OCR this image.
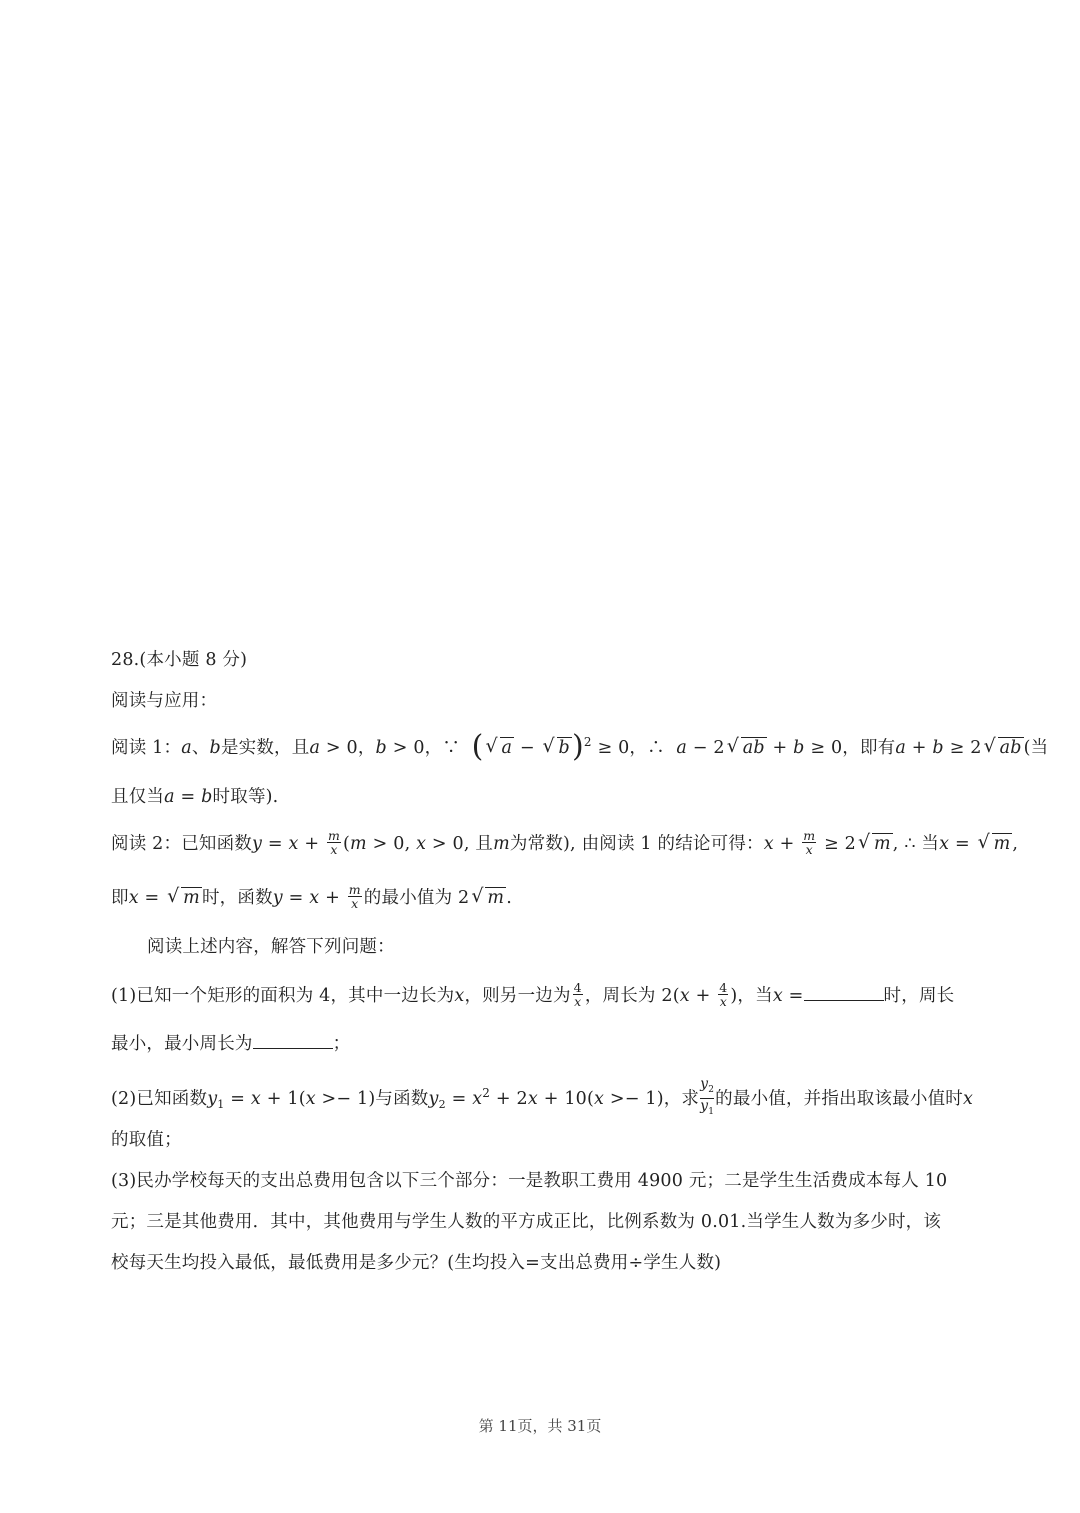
28.(本小题 8 分)
阅读与应用：
阅读 1：a、b是实数，且a > 0，b > 0，∵  (√ a − √ b)$^2$ ≥ 0，∴  a − 2√ ab + b ≥ 0，即有a + b ≥ 2√ ab (当
且仅当a = b时取等).
阅读 2：已知函数$y = x + \frac{m}{x} (m > 0$, x > 0, 且m为常数), 由阅读 1 的结论可得：$x + \frac{m}{x} \ge 2√$ m , ∴ 当x = √ m ,
即x = √ m 时，函数$y = x + \frac{m}{x}$ 的最小值为 2√ m .
阅读上述内容，解答下列问题：
(1)已知一个矩形的面积为 4，其中一边长为x，则另一边为 $\frac{4}{x}$ ，周长为 $2(x + \frac{4}{x}$ )，当x =	时，周长
最小，最小周长为	；
(2)已知函数$y_1 = x + 1(x >- 1)$与函数$y_2 = x^2 + 2x + 10(x >- 1)$，求 $\frac{y_2}{y_1}$ 的最小值，并指出取该最小值时x
的取值；
(3)民办学校每天的支出总费用包含以下三个部分：一是教职工费用 4900 元；二是学生生活费成本每人 10
元；三是其他费用．其中，其他费用与学生人数的平方成正比，比例系数为 0.01.当学生人数为多少时，该
校每天生均投入最低，最低费用是多少元？(生均投入=支出总费用÷学生人数)
第 11页，共 31页
